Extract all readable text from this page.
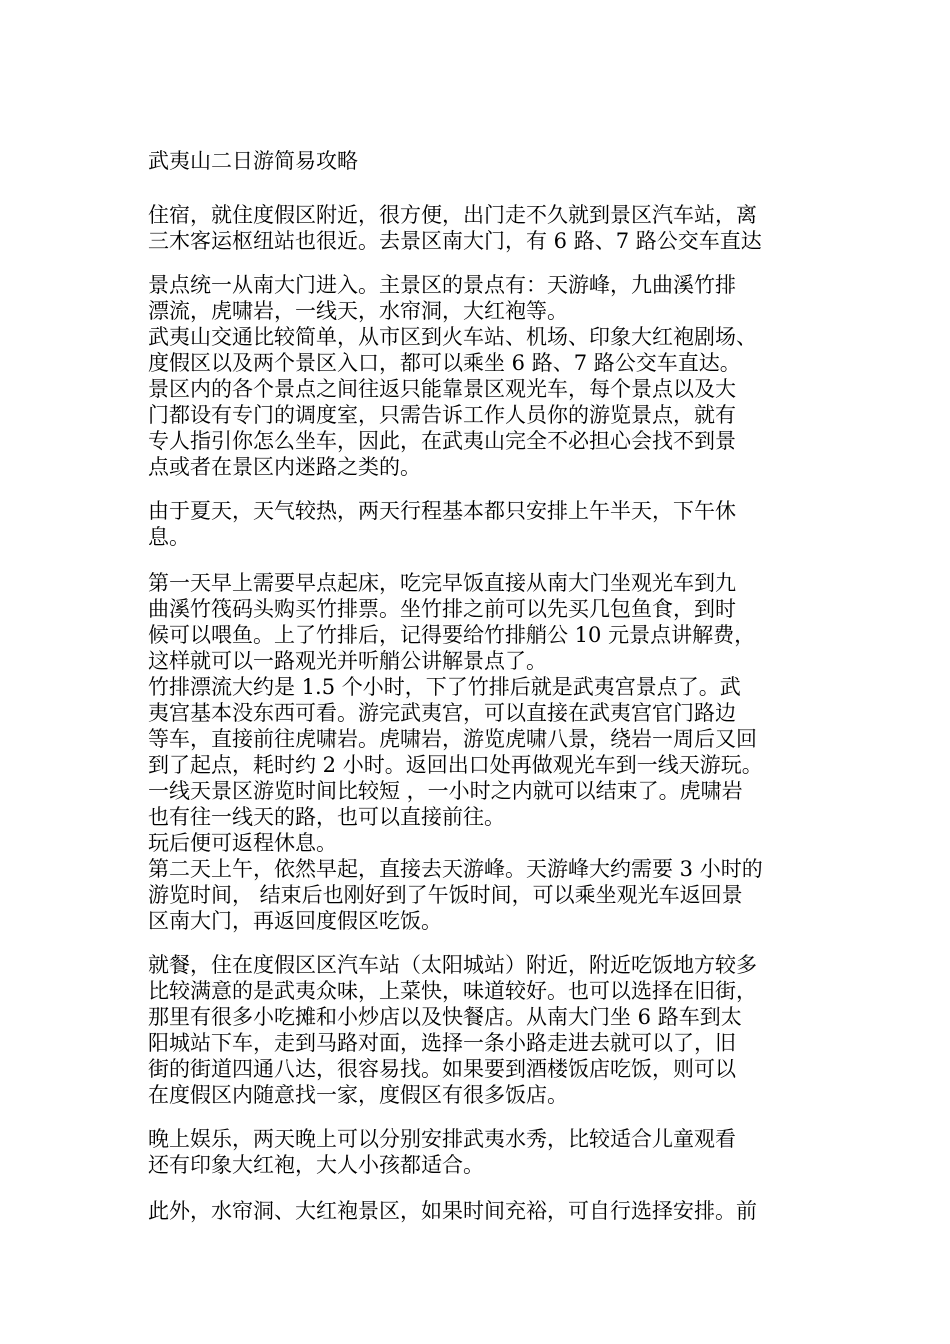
武夷山二日游简易攻略
住宿，就住度假区附近，很方便，出门走不久就到景区汽车站，离
三木客运枢纽站也很近。去景区南大门，有 6 路、7 路公交车直达
景点统一从南大门进入。主景区的景点有：天游峰，九曲溪竹排
漂流，虎啸岩，一线天，水帘洞，大红袍等。
武夷山交通比较简单，从市区到火车站、机场、印象大红袍剧场、
度假区以及两个景区入口，都可以乘坐 6 路、7 路公交车直达。
景区内的各个景点之间往返只能靠景区观光车，每个景点以及大
门都设有专门的调度室，只需告诉工作人员你的游览景点，就有
专人指引你怎么坐车，因此，在武夷山完全不必担心会找不到景
点或者在景区内迷路之类的。
由于夏天，天气较热，两天行程基本都只安排上午半天，下午休
息。
第一天早上需要早点起床，吃完早饭直接从南大门坐观光车到九
曲溪竹筏码头购买竹排票。坐竹排之前可以先买几包鱼食，到时
候可以喂鱼。上了竹排后，记得要给竹排艄公 10 元景点讲解费，
这样就可以一路观光并听艄公讲解景点了。
竹排漂流大约是 1.5 个小时，下了竹排后就是武夷宫景点了。武
夷宫基本没东西可看。游完武夷宫，可以直接在武夷宫官门路边
等车，直接前往虎啸岩。虎啸岩，游览虎啸八景，绕岩一周后又回
到了起点，耗时约 2 小时。返回出口处再做观光车到一线天游玩。
一线天景区游览时间比较短 ，一小时之内就可以结束了。虎啸岩
也有往一线天的路，也可以直接前往。
玩后便可返程休息。
第二天上午，依然早起，直接去天游峰。天游峰大约需要 3 小时的
游览时间， 结束后也刚好到了午饭时间，可以乘坐观光车返回景
区南大门，再返回度假区吃饭。
就餐，住在度假区区汽车站（太阳城站）附近，附近吃饭地方较多
比较满意的是武夷众味，上菜快，味道较好。也可以选择在旧街，
那里有很多小吃摊和小炒店以及快餐店。从南大门坐 6 路车到太
阳城站下车，走到马路对面，选择一条小路走进去就可以了，旧
街的街道四通八达，很容易找。如果要到酒楼饭店吃饭，则可以
在度假区内随意找一家，度假区有很多饭店。
晚上娱乐，两天晚上可以分别安排武夷水秀，比较适合儿童观看
还有印象大红袍，大人小孩都适合。
此外，水帘洞、大红袍景区，如果时间充裕，可自行选择安排。前
